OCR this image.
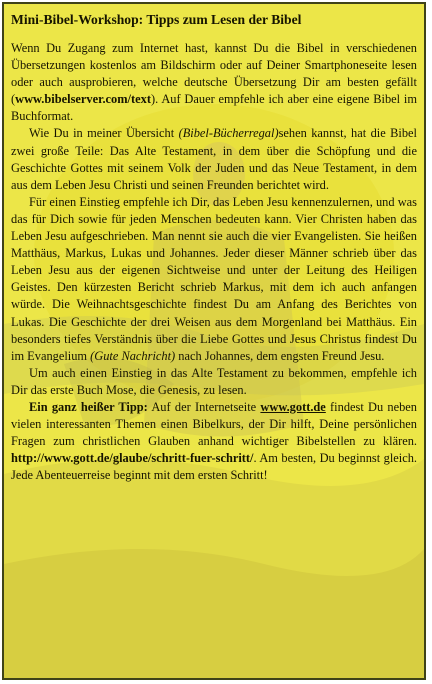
Mini-Bibel-Workshop: Tipps zum Lesen der Bibel

Wenn Du Zugang zum Internet hast, kannst Du die Bibel in verschiedenen Übersetzungen kostenlos am Bildschirm oder auf Deiner Smartphoneseite lesen oder auch ausprobieren, welche deutsche Übersetzung Dir am besten gefällt (www.bibelserver.com/text). Auf Dauer empfehle ich aber eine eigene Bibel im Buchformat.

Wie Du in meiner Übersicht (Bibel-Bücherregal)sehen kannst, hat die Bibel zwei große Teile: Das Alte Testament, in dem über die Schöpfung und die Geschichte Gottes mit seinem Volk der Juden und das Neue Testament, in dem aus dem Leben Jesu Christi und seinen Freunden berichtet wird.

Für einen Einstieg empfehle ich Dir, das Leben Jesu kennenzulernen, und was das für Dich sowie für jeden Menschen bedeuten kann. Vier Christen haben das Leben Jesu aufgeschrieben. Man nennt sie auch die vier Evangelisten. Sie heißen Matthäus, Markus, Lukas und Johannes. Jeder dieser Männer schrieb über das Leben Jesu aus der eigenen Sichtweise und unter der Leitung des Heiligen Geistes. Den kürzesten Bericht schrieb Markus, mit dem ich auch anfangen würde. Die Weihnachtsgeschichte findest Du am Anfang des Berichtes von Lukas. Die Geschichte der drei Weisen aus dem Morgenland bei Matthäus. Ein besonders tiefes Verständnis über die Liebe Gottes und Jesus Christus findest Du im Evangelium (Gute Nachricht) nach Johannes, dem engsten Freund Jesu.

Um auch einen Einstieg in das Alte Testament zu bekommen, empfehle ich Dir das erste Buch Mose, die Genesis, zu lesen.

Ein ganz heißer Tipp: Auf der Internetseite www.gott.de findest Du neben vielen interessanten Themen einen Bibelkurs, der Dir hilft, Deine persönlichen Fragen zum christlichen Glauben anhand wichtiger Bibelstellen zu klären. http://www.gott.de/glaube/schritt-fuer-schritt/. Am besten, Du beginnst gleich. Jede Abenteuerreise beginnt mit dem ersten Schritt!
